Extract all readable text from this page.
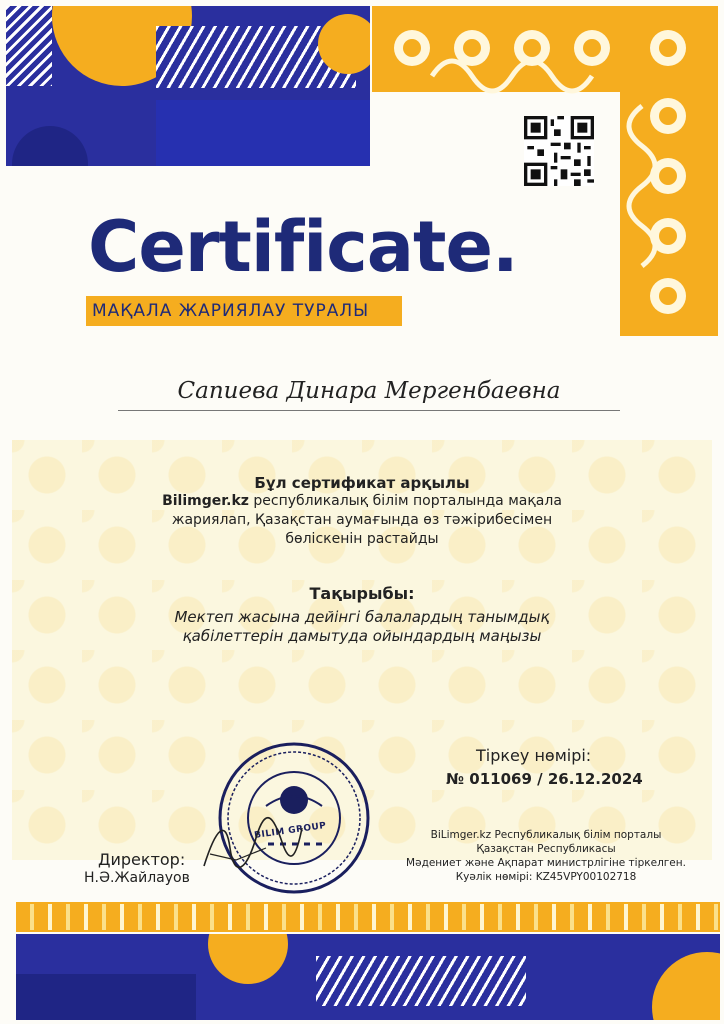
Certificate.
МАҚАЛА ЖАРИЯЛАУ ТУРАЛЫ
Сапиева Динара Мергенбаевна
Бұл сертификат арқылы
Bilimger.kz республикалық білім порталында мақала
жариялап, Қазақстан аумағында өз тәжірибесімен
бөлiскенiн растайды
Тақырыбы:
Мектеп жасына дейінгі балалардың танымдық
қабілеттерін дамытуда ойындардың маңызы
Тіркеу нөмірі:
№ 011069 / 26.12.2024
BiLimger.kz Республикалық білім порталы
Қазақстан Республикасы
Мәдениет және Ақпарат министрлігіне тіркелген.
Куәлік нөмірі: KZ45VPY00102718
BILIM GROUP
Директор:
Н.Ә.Жайлауов
